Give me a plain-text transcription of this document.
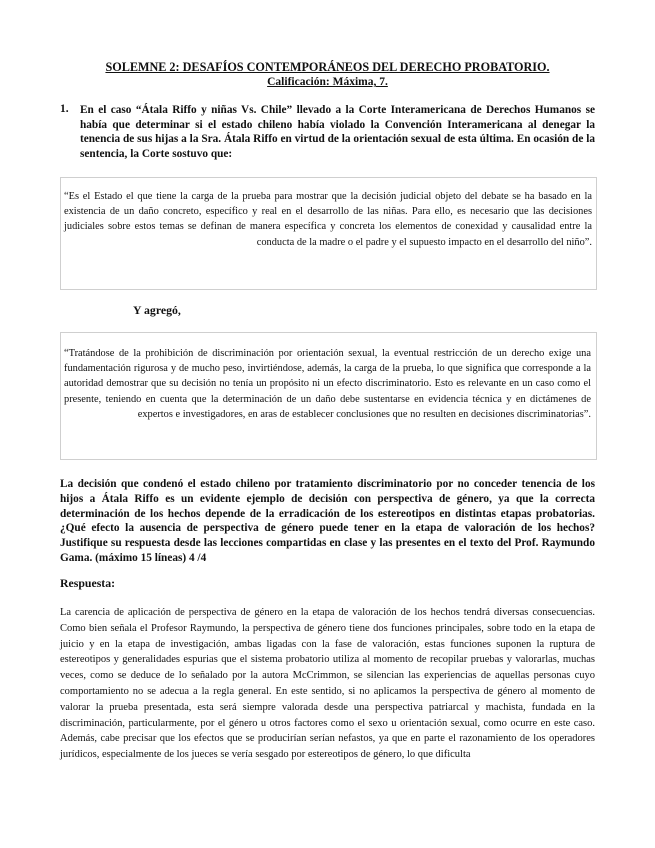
SOLEMNE 2: DESAFÍOS CONTEMPORÁNEOS DEL DERECHO PROBATORIO.
Calificación: Máxima, 7.
1. En el caso “Átala Riffo y niñas Vs. Chile” llevado a la Corte Interamericana de Derechos Humanos se había que determinar si el estado chileno había violado la Convención Interamericana al denegar la tenencia de sus hijas a la Sra. Átala Riffo en virtud de la orientación sexual de esta última. En ocasión de la sentencia, la Corte sostuvo que:
“Es el Estado el que tiene la carga de la prueba para mostrar que la decisión judicial objeto del debate se ha basado en la existencia de un daño concreto, específico y real en el desarrollo de las niñas. Para ello, es necesario que las decisiones judiciales sobre estos temas se definan de manera específica y concreta los elementos de conexidad y causalidad entre la conducta de la madre o el padre y el supuesto impacto en el desarrollo del niño”.
Y agregó,
“Tratándose de la prohibición de discriminación por orientación sexual, la eventual restricción de un derecho exige una fundamentación rigurosa y de mucho peso, invirtiéndose, además, la carga de la prueba, lo que significa que corresponde a la autoridad demostrar que su decisión no tenía un propósito ni un efecto discriminatorio. Esto es relevante en un caso como el presente, teniendo en cuenta que la determinación de un daño debe sustentarse en evidencia técnica y en dictámenes de expertos e investigadores, en aras de establecer conclusiones que no resulten en decisiones discriminatorias”.
La decisión que condenó el estado chileno por tratamiento discriminatorio por no conceder tenencia de los hijos a Átala Riffo es un evidente ejemplo de decisión con perspectiva de género, ya que la correcta determinación de los hechos depende de la erradicación de los estereotipos en distintas etapas probatorias. ¿Qué efecto la ausencia de perspectiva de género puede tener en la etapa de valoración de los hechos? Justifique su respuesta desde las lecciones compartidas en clase y las presentes en el texto del Prof. Raymundo Gama. (máximo 15 líneas) 4 /4
Respuesta:
La carencia de aplicación de perspectiva de género en la etapa de valoración de los hechos tendrá diversas consecuencias. Como bien señala el Profesor Raymundo, la perspectiva de género tiene dos funciones principales, sobre todo en la etapa de juicio y en la etapa de investigación, ambas ligadas con la fase de valoración, estas funciones suponen la ruptura de estereotipos y generalidades espurias que el sistema probatorio utiliza al momento de recopilar pruebas y valorarlas, muchas veces, como se deduce de lo señalado por la autora McCrimmon, se silencian las experiencias de aquellas personas cuyo comportamiento no se adecua a la regla general. En este sentido, si no aplicamos la perspectiva de género al momento de valorar la prueba presentada, esta será siempre valorada desde una perspectiva patriarcal y machista, fundada en la discriminación, particularmente, por el género u otros factores como el sexo u orientación sexual, como ocurre en este caso. Además, cabe precisar que los efectos que se producirían serían nefastos, ya que en parte el razonamiento de los operadores jurídicos, especialmente de los jueces se vería sesgado por estereotipos de género, lo que dificulta
